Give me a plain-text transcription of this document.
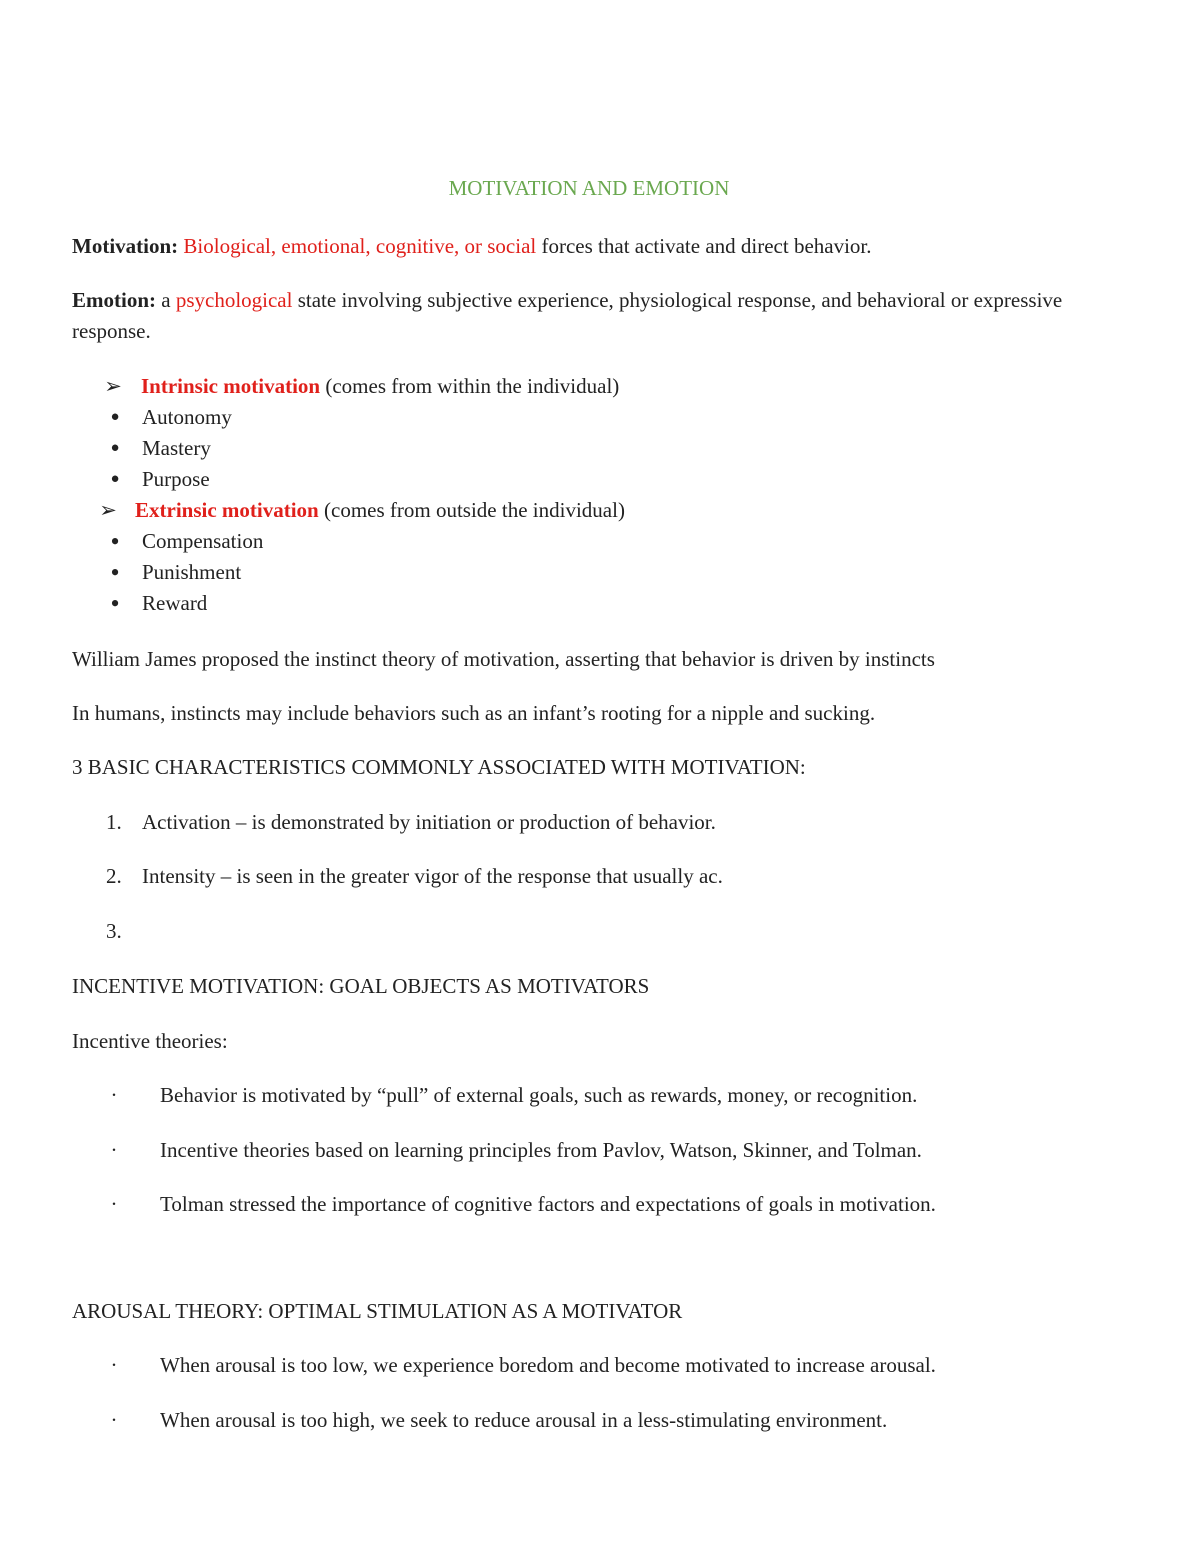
MOTIVATION AND EMOTION
Motivation: Biological, emotional, cognitive, or social forces that activate and direct behavior.
Emotion: a psychological state involving subjective experience, physiological response, and behavioral or expressive response.
➢ Intrinsic motivation (comes from within the individual)
●	Autonomy
●	Mastery
●	Purpose
➢ Extrinsic motivation (comes from outside the individual)
•	Compensation
•	Punishment
•	Reward
William James proposed the instinct theory of motivation, asserting that behavior is driven by instincts
In humans, instincts may include behaviors such as an infant’s rooting for a nipple and sucking.
3 BASIC CHARACTERISTICS COMMONLY ASSOCIATED WITH MOTIVATION:
1. Activation – is demonstrated by initiation or production of behavior.
2. Intensity – is seen in the greater vigor of the response that usually ac.
3.
INCENTIVE MOTIVATION: GOAL OBJECTS AS MOTIVATORS
Incentive theories:
·	Behavior is motivated by “pull” of external goals, such as rewards, money, or recognition.
·	Incentive theories based on learning principles from Pavlov, Watson, Skinner, and Tolman.
·	Tolman stressed the importance of cognitive factors and expectations of goals in motivation.
AROUSAL THEORY: OPTIMAL STIMULATION AS A MOTIVATOR
·	When arousal is too low, we experience boredom and become motivated to increase arousal.
·	When arousal is too high, we seek to reduce arousal in a less-stimulating environment.
